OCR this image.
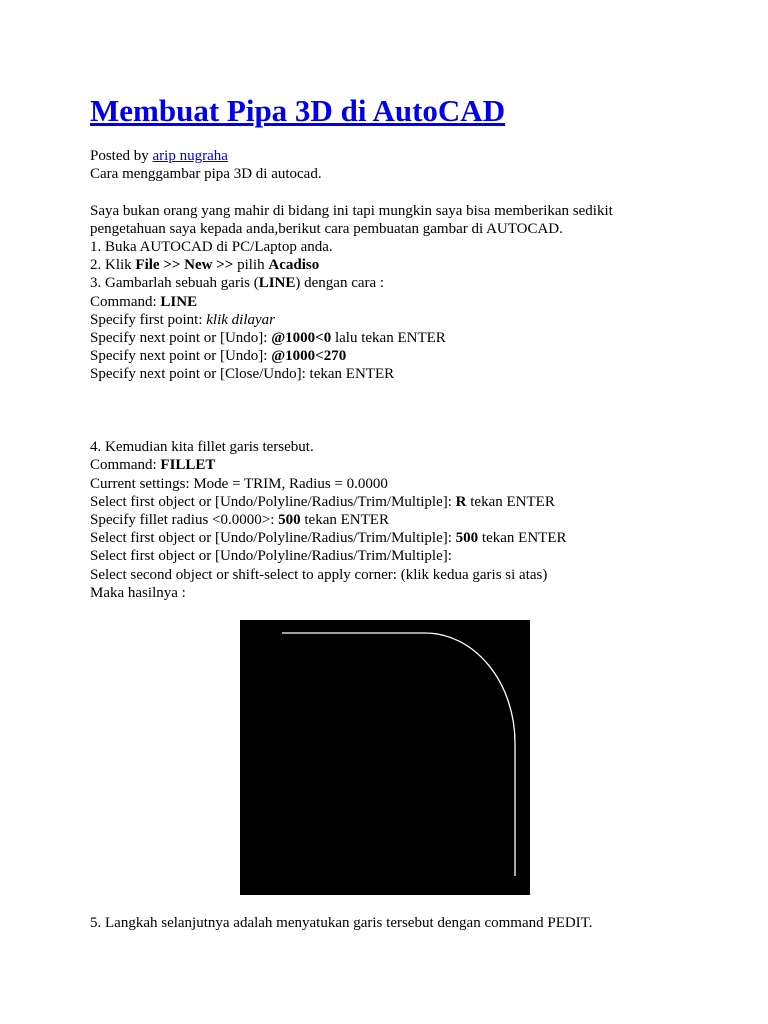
Membuat Pipa 3D di AutoCAD
Posted by arip nugraha
Cara menggambar pipa 3D di autocad.
Saya bukan orang yang mahir di bidang ini tapi mungkin saya bisa memberikan sedikit
pengetahuan saya kepada anda,berikut cara pembuatan gambar di AUTOCAD.
1. Buka AUTOCAD di PC/Laptop anda.
2. Klik File >> New >> pilih Acadiso
3. Gambarlah sebuah garis (LINE) dengan cara :
Command: LINE
Specify first point: klik dilayar
Specify next point or [Undo]: @1000<0 lalu tekan ENTER
Specify next point or [Undo]: @1000<270
Specify next point or [Close/Undo]: tekan ENTER
4. Kemudian kita fillet garis tersebut.
Command: FILLET
Current settings: Mode = TRIM, Radius = 0.0000
Select first object or [Undo/Polyline/Radius/Trim/Multiple]: R tekan ENTER
Specify fillet radius <0.0000>: 500 tekan ENTER
Select first object or [Undo/Polyline/Radius/Trim/Multiple]: 500 tekan ENTER
Select first object or [Undo/Polyline/Radius/Trim/Multiple]:
Select second object or shift-select to apply corner: (klik kedua garis si atas)
Maka hasilnya :
5. Langkah selanjutnya adalah menyatukan garis tersebut dengan command PEDIT.
